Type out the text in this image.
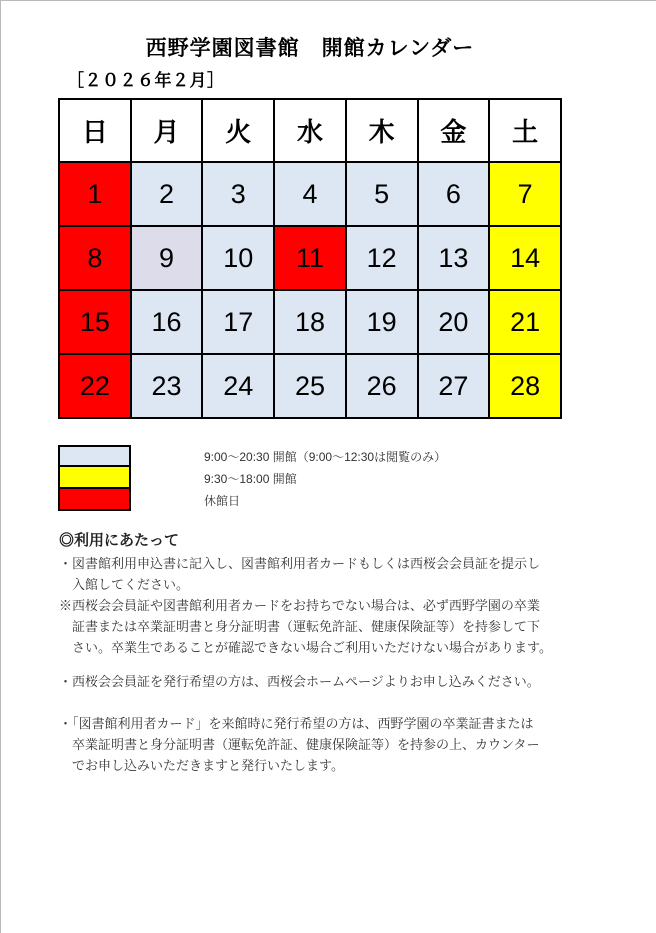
西野学園図書館　開館カレンダー
［２０２６年２月］
日	月	火	水	木	金	土
1	2	3	4	5	6	7
8	9	10	11	12	13	14
15	16	17	18	19	20	21
22	23	24	25	26	27	28
9:00～20:30 開館（9:00～12:30は閲覧のみ）
9:30～18:00 開館
休館日
◎利用にあたって
・図書館利用申込書に記入し、図書館利用者カードもしくは西桜会会員証を提示し
　入館してください。
※西桜会会員証や図書館利用者カードをお持ちでない場合は、必ず西野学園の卒業
　証書または卒業証明書と身分証明書（運転免許証、健康保険証等）を持参して下
　さい。卒業生であることが確認できない場合ご利用いただけない場合があります。
・西桜会会員証を発行希望の方は、西桜会ホームページよりお申し込みください。
・「図書館利用者カード」を来館時に発行希望の方は、西野学園の卒業証書または
　卒業証明書と身分証明書（運転免許証、健康保険証等）を持参の上、カウンター
　でお申し込みいただきますと発行いたします。
